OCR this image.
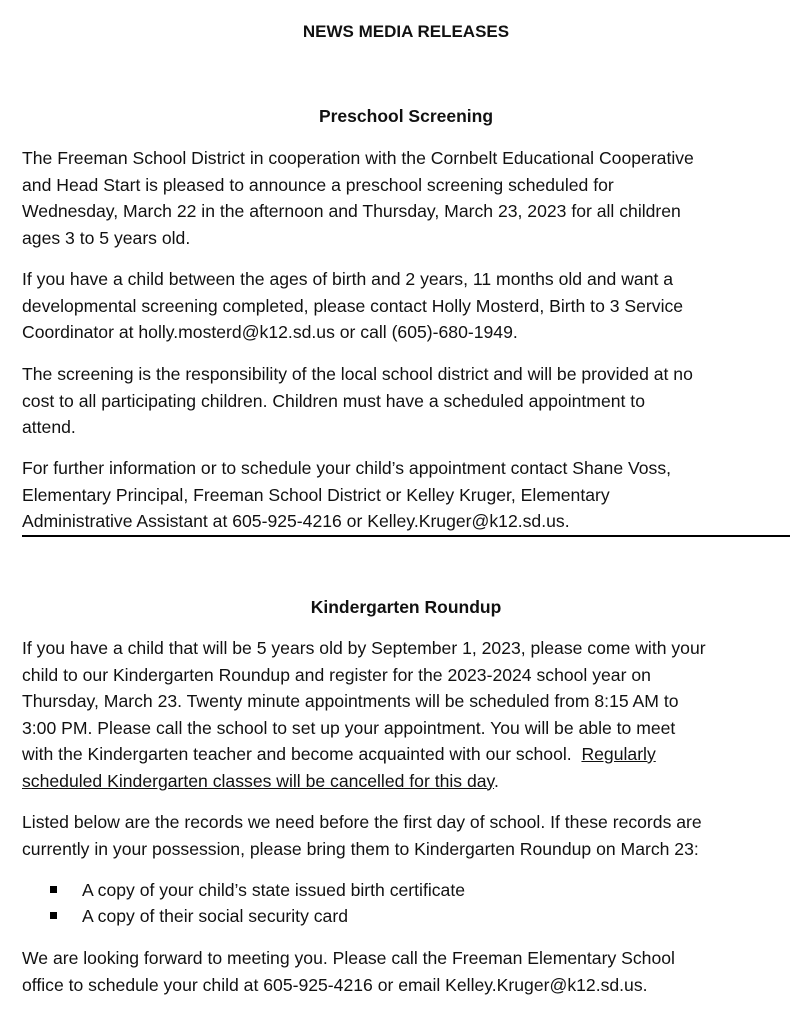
NEWS MEDIA RELEASES
Preschool Screening

The Freeman School District in cooperation with the Cornbelt Educational Cooperative
and Head Start is pleased to announce a preschool screening scheduled for
Wednesday, March 22 in the afternoon and Thursday, March 23, 2023 for all children
ages 3 to 5 years old.

If you have a child between the ages of birth and 2 years, 11 months old and want a
developmental screening completed, please contact Holly Mosterd, Birth to 3 Service
Coordinator at holly.mosterd@k12.sd.us or call (605)-680-1949.

The screening is the responsibility of the local school district and will be provided at no
cost to all participating children. Children must have a scheduled appointment to
attend.

For further information or to schedule your child’s appointment contact Shane Voss,
Elementary Principal, Freeman School District or Kelley Kruger, Elementary
Administrative Assistant at 605-925-4216 or Kelley.Kruger@k12.sd.us.

Kindergarten Roundup

If you have a child that will be 5 years old by September 1, 2023, please come with your
child to our Kindergarten Roundup and register for the 2023-2024 school year on
Thursday, March 23. Twenty minute appointments will be scheduled from 8:15 AM to
3:00 PM. Please call the school to set up your appointment. You will be able to meet
with the Kindergarten teacher and become acquainted with our school.  Regularly
scheduled Kindergarten classes will be cancelled for this day.

Listed below are the records we need before the first day of school. If these records are
currently in your possession, please bring them to Kindergarten Roundup on March 23:

A copy of your child’s state issued birth certificate
A copy of their social security card

We are looking forward to meeting you. Please call the Freeman Elementary School
office to schedule your child at 605-925-4216 or email Kelley.Kruger@k12.sd.us.
